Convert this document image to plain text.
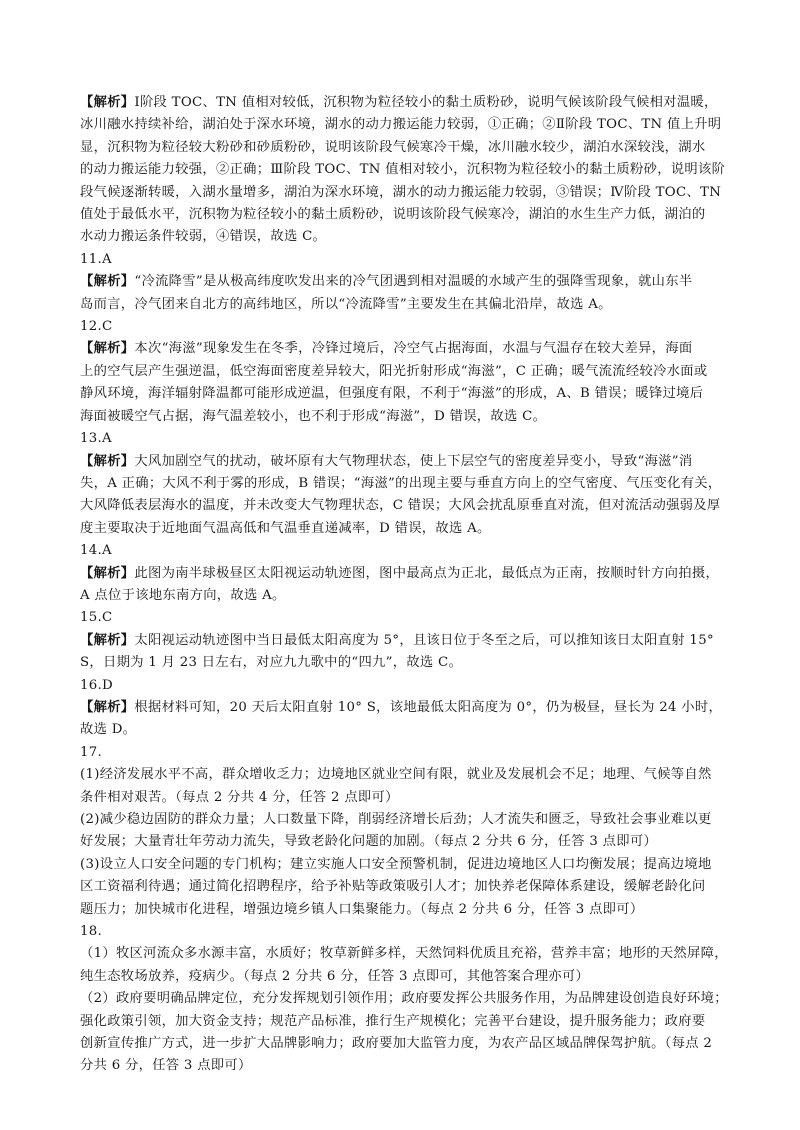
【解析】Ⅰ阶段 TOC、TN 值相对较低，沉积物为粒径较小的黏土质粉砂，说明气候该阶段气候相对温暖，
冰川融水持续补给，湖泊处于深水环境，湖水的动力搬运能力较弱，①正确；②Ⅱ阶段 TOC、TN 值上升明
显，沉积物为粒径较大粉砂和砂质粉砂，说明该阶段气候寒冷干燥，冰川融水较少，湖泊水深较浅，湖水
的动力搬运能力较强，②正确；Ⅲ阶段 TOC、TN 值相对较小，沉积物为粒径较小的黏土质粉砂，说明该阶
段气候逐渐转暖，入湖水量增多，湖泊为深水环境，湖水的动力搬运能力较弱，③错误；Ⅳ阶段 TOC、TN
值处于最低水平，沉积物为粒径较小的黏土质粉砂，说明该阶段气候寒冷，湖泊的水生生产力低，湖泊的
水动力搬运条件较弱，④错误，故选 C。
11.A
【解析】“冷流降雪”是从极高纬度吹发出来的冷气团遇到相对温暖的水域产生的强降雪现象，就山东半
岛而言，冷气团来自北方的高纬地区，所以“冷流降雪”主要发生在其偏北沿岸，故选 A。
12.C
【解析】本次“海滋”现象发生在冬季，冷锋过境后，冷空气占据海面，水温与气温存在较大差异，海面
上的空气层产生强逆温，低空海面密度差异较大，阳光折射形成“海滋”，C 正确；暖气流流经较冷水面或
静风环境，海洋辐射降温都可能形成逆温，但强度有限，不利于“海滋”的形成，A、B 错误；暖锋过境后
海面被暖空气占据，海气温差较小，也不利于形成“海滋”，D 错误，故选 C。
13.A
【解析】大风加剧空气的扰动，破坏原有大气物理状态，使上下层空气的密度差异变小，导致“海滋”消
失，A 正确；大风不利于雾的形成，B 错误；“海滋”的出现主要与垂直方向上的空气密度、气压变化有关，
大风降低表层海水的温度，并未改变大气物理状态，C 错误；大风会扰乱原垂直对流，但对流活动强弱及厚
度主要取决于近地面气温高低和气温垂直递减率，D 错误，故选 A。
14.A
【解析】此图为南半球极昼区太阳视运动轨迹图，图中最高点为正北，最低点为正南，按顺时针方向拍摄，
A 点位于该地东南方向，故选 A。
15.C
【解析】太阳视运动轨迹图中当日最低太阳高度为 5°，且该日位于冬至之后，可以推知该日太阳直射 15°
S，日期为 1 月 23 日左右，对应九九歌中的“四九”，故选 C。
16.D
【解析】根据材料可知，20 天后太阳直射 10° S，该地最低太阳高度为 0°，仍为极昼，昼长为 24 小时，
故选 D。
17.
(1)经济发展水平不高，群众增收乏力；边境地区就业空间有限，就业及发展机会不足；地理、气候等自然
条件相对艰苦。（每点 2 分共 4 分，任答 2 点即可）
(2)减少稳边固防的群众力量；人口数量下降，削弱经济增长后劲；人才流失和匮乏，导致社会事业难以更
好发展；大量青壮年劳动力流失，导致老龄化问题的加剧。（每点 2 分共 6 分，任答 3 点即可）
(3)设立人口安全问题的专门机构；建立实施人口安全预警机制，促进边境地区人口均衡发展；提高边境地
区工资福利待遇；通过简化招聘程序，给予补贴等政策吸引人才；加快养老保障体系建设，缓解老龄化问
题压力；加快城市化进程，增强边境乡镇人口集聚能力。（每点 2 分共 6 分，任答 3 点即可）
18.
（1）牧区河流众多水源丰富，水质好；牧草新鲜多样，天然饲料优质且充裕，营养丰富；地形的天然屏障，
纯生态牧场放养，疫病少。（每点 2 分共 6 分，任答 3 点即可，其他答案合理亦可）
（2）政府要明确品牌定位，充分发挥规划引领作用；政府要发挥公共服务作用，为品牌建设创造良好环境；
强化政策引领，加大资金支持；规范产品标准，推行生产规模化；完善平台建设，提升服务能力；政府要
创新宣传推广方式，进一步扩大品牌影响力；政府要加大监管力度，为农产品区域品牌保驾护航。（每点 2
分共 6 分，任答 3 点即可）
